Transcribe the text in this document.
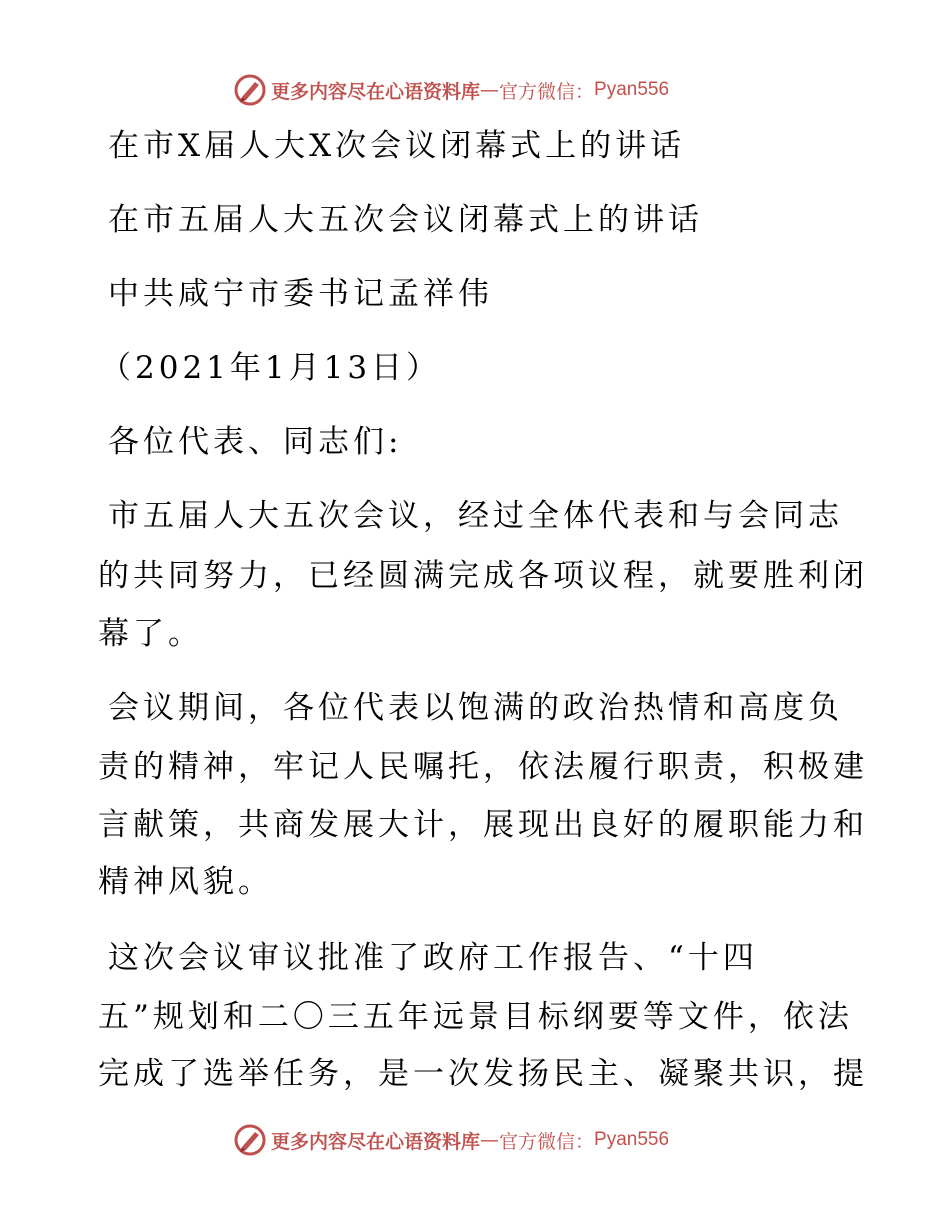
更多内容尽在心语资料库 — 官方微信： Pyan556
在市X届人大X次会议闭幕式上的讲话
在市五届人大五次会议闭幕式上的讲话
中共咸宁市委书记孟祥伟
（2021年1月13日）
各位代表、同志们:
市五届人大五次会议，经过全体代表和与会同志
的共同努力，已经圆满完成各项议程，就要胜利闭
幕了。
会议期间，各位代表以饱满的政治热情和高度负
责的精神，牢记人民嘱托，依法履行职责，积极建
言献策，共商发展大计，展现出良好的履职能力和
精神风貌。
这次会议审议批准了政府工作报告、“十四
五”规划和二〇三五年远景目标纲要等文件，依法
完成了选举任务，是一次发扬民主、凝聚共识，提
更多内容尽在心语资料库 — 官方微信： Pyan556
